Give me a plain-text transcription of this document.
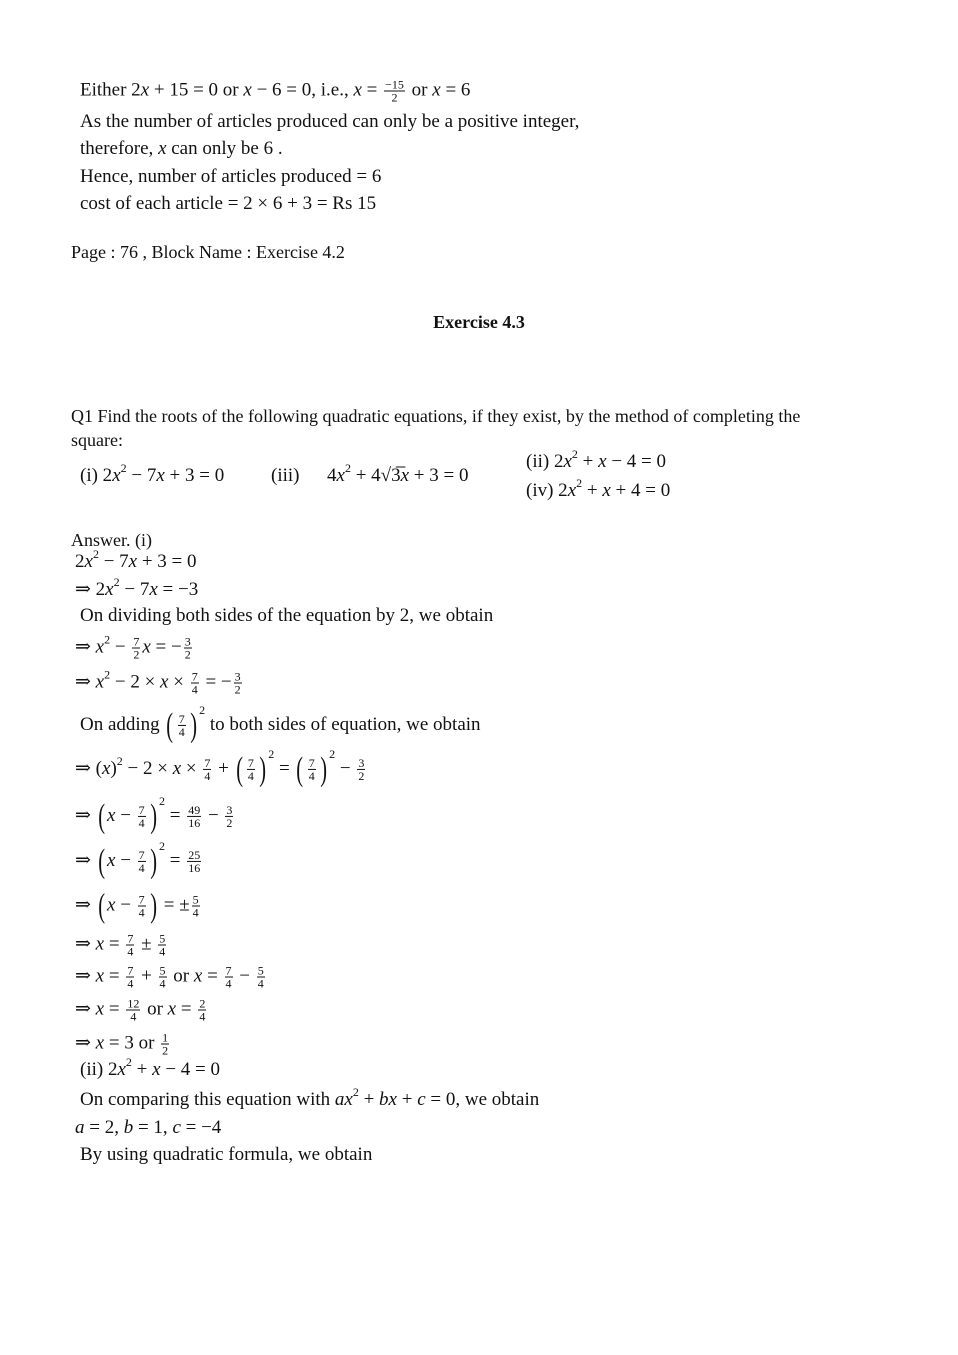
Either 2x + 15 = 0 or x − 6 = 0, i.e., $x = \frac{-15}{2}$ or x = 6
As the number of articles produced can only be a positive integer,
therefore, x can only be 6 .
Hence, number of articles produced = 6
cost of each article = 2 × 6 + 3 = Rs 15
Page : 76 , Block Name : Exercise 4.2
Exercise 4.3
Q1 Find the roots of the following quadratic equations, if they exist, by the method of completing the
square:
(i) $2x^2 - 7x + 3 = 0$ (iii) $4x^2$ + 4√3̅x + 3 = 0
(ii) $2x^2 + x - 4 = 0$
(iv) $2x^2 + x + 4 = 0$
Answer. (i)
$2x^2 - 7x + 3 = 0$
⇒ $2x^2 - 7x = -3$
On dividing both sides of the equation by 2, we obtain
⇒ $x^2 - \frac{7}{2}$ x = − $\frac{3}{2}$
⇒ $x^2 - 2 \times x \times \frac{7}{4}$ = − $\frac{3}{2}$
On adding ( $\frac{7}{4}$ ) $^2$ to both sides of equation, we obtain
⇒ $(x)^2 - 2 \times x \times \frac{7}{4}$ + ( $\frac{7}{4}$ ) $^2$ = ( $\frac{7}{4}$ ) $^2 - \frac{3}{2}$
⇒ ( $x - \frac{7}{4}$ ) $^2 = \frac{49}{16} - \frac{3}{2}$
⇒ ( $x - \frac{7}{4}$ ) $^2 = \frac{25}{16}$
⇒ ( $x - \frac{7}{4}$ ) = ± $\frac{5}{4}$
⇒ $x = \frac{7}{4} \pm \frac{5}{4}$
⇒ $x = \frac{7}{4} + \frac{5}{4}$ or $x = \frac{7}{4} - \frac{5}{4}$
⇒ $x = \frac{12}{4}$ or $x = \frac{2}{4}$
⇒ x = 3 or $\frac{1}{2}$
(ii) $2x^2 + x - 4 = 0$
On comparing this equation with $ax^2$ + bx + c = 0, we obtain
a = 2, b = 1, c = −4
By using quadratic formula, we obtain
